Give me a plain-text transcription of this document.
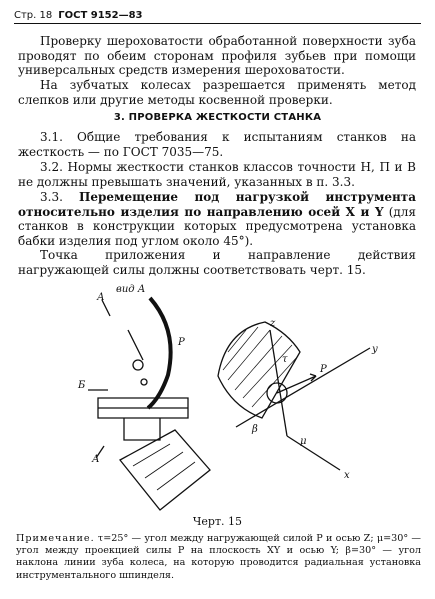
Стр. 18 ГОСТ 9152—83
Проверку шероховатости обработанной поверхности зуба проводят по обеим сторонам профиля зубьев при помощи универсальных средств измерения шероховатости.
На зубчатых колесах разрешается применять метод слепков или другие методы косвенной проверки.
3. ПРОВЕРКА ЖЕСТКОСТИ СТАНКА
3.1. Общие требования к испытаниям станков на жесткость — по ГОСТ 7035—75.
3.2. Нормы жесткости станков классов точности Н, П и В не должны превышать значений, указанных в п. 3.3.
3.3. Перемещение под нагрузкой инструмента относительно изделия по направлению осей X и Y (для станков в конструкции которых предусмотрена установка бабки изделия под углом около 45°).
Точка приложения и направление действия нагружающей силы должны соответствовать черт. 15.
вид А
А
Б
А
P
P
z
x
y
β
μ
τ
Черт. 15
Примечание. τ=25° — угол между нагружающей силой P и осью Z; μ=30° — угол между проекцией силы P на плоскость XY и осью Y; β=30° — угол наклона линии зуба колеса, на которую проводится радиальная установка инструментального шпинделя.
